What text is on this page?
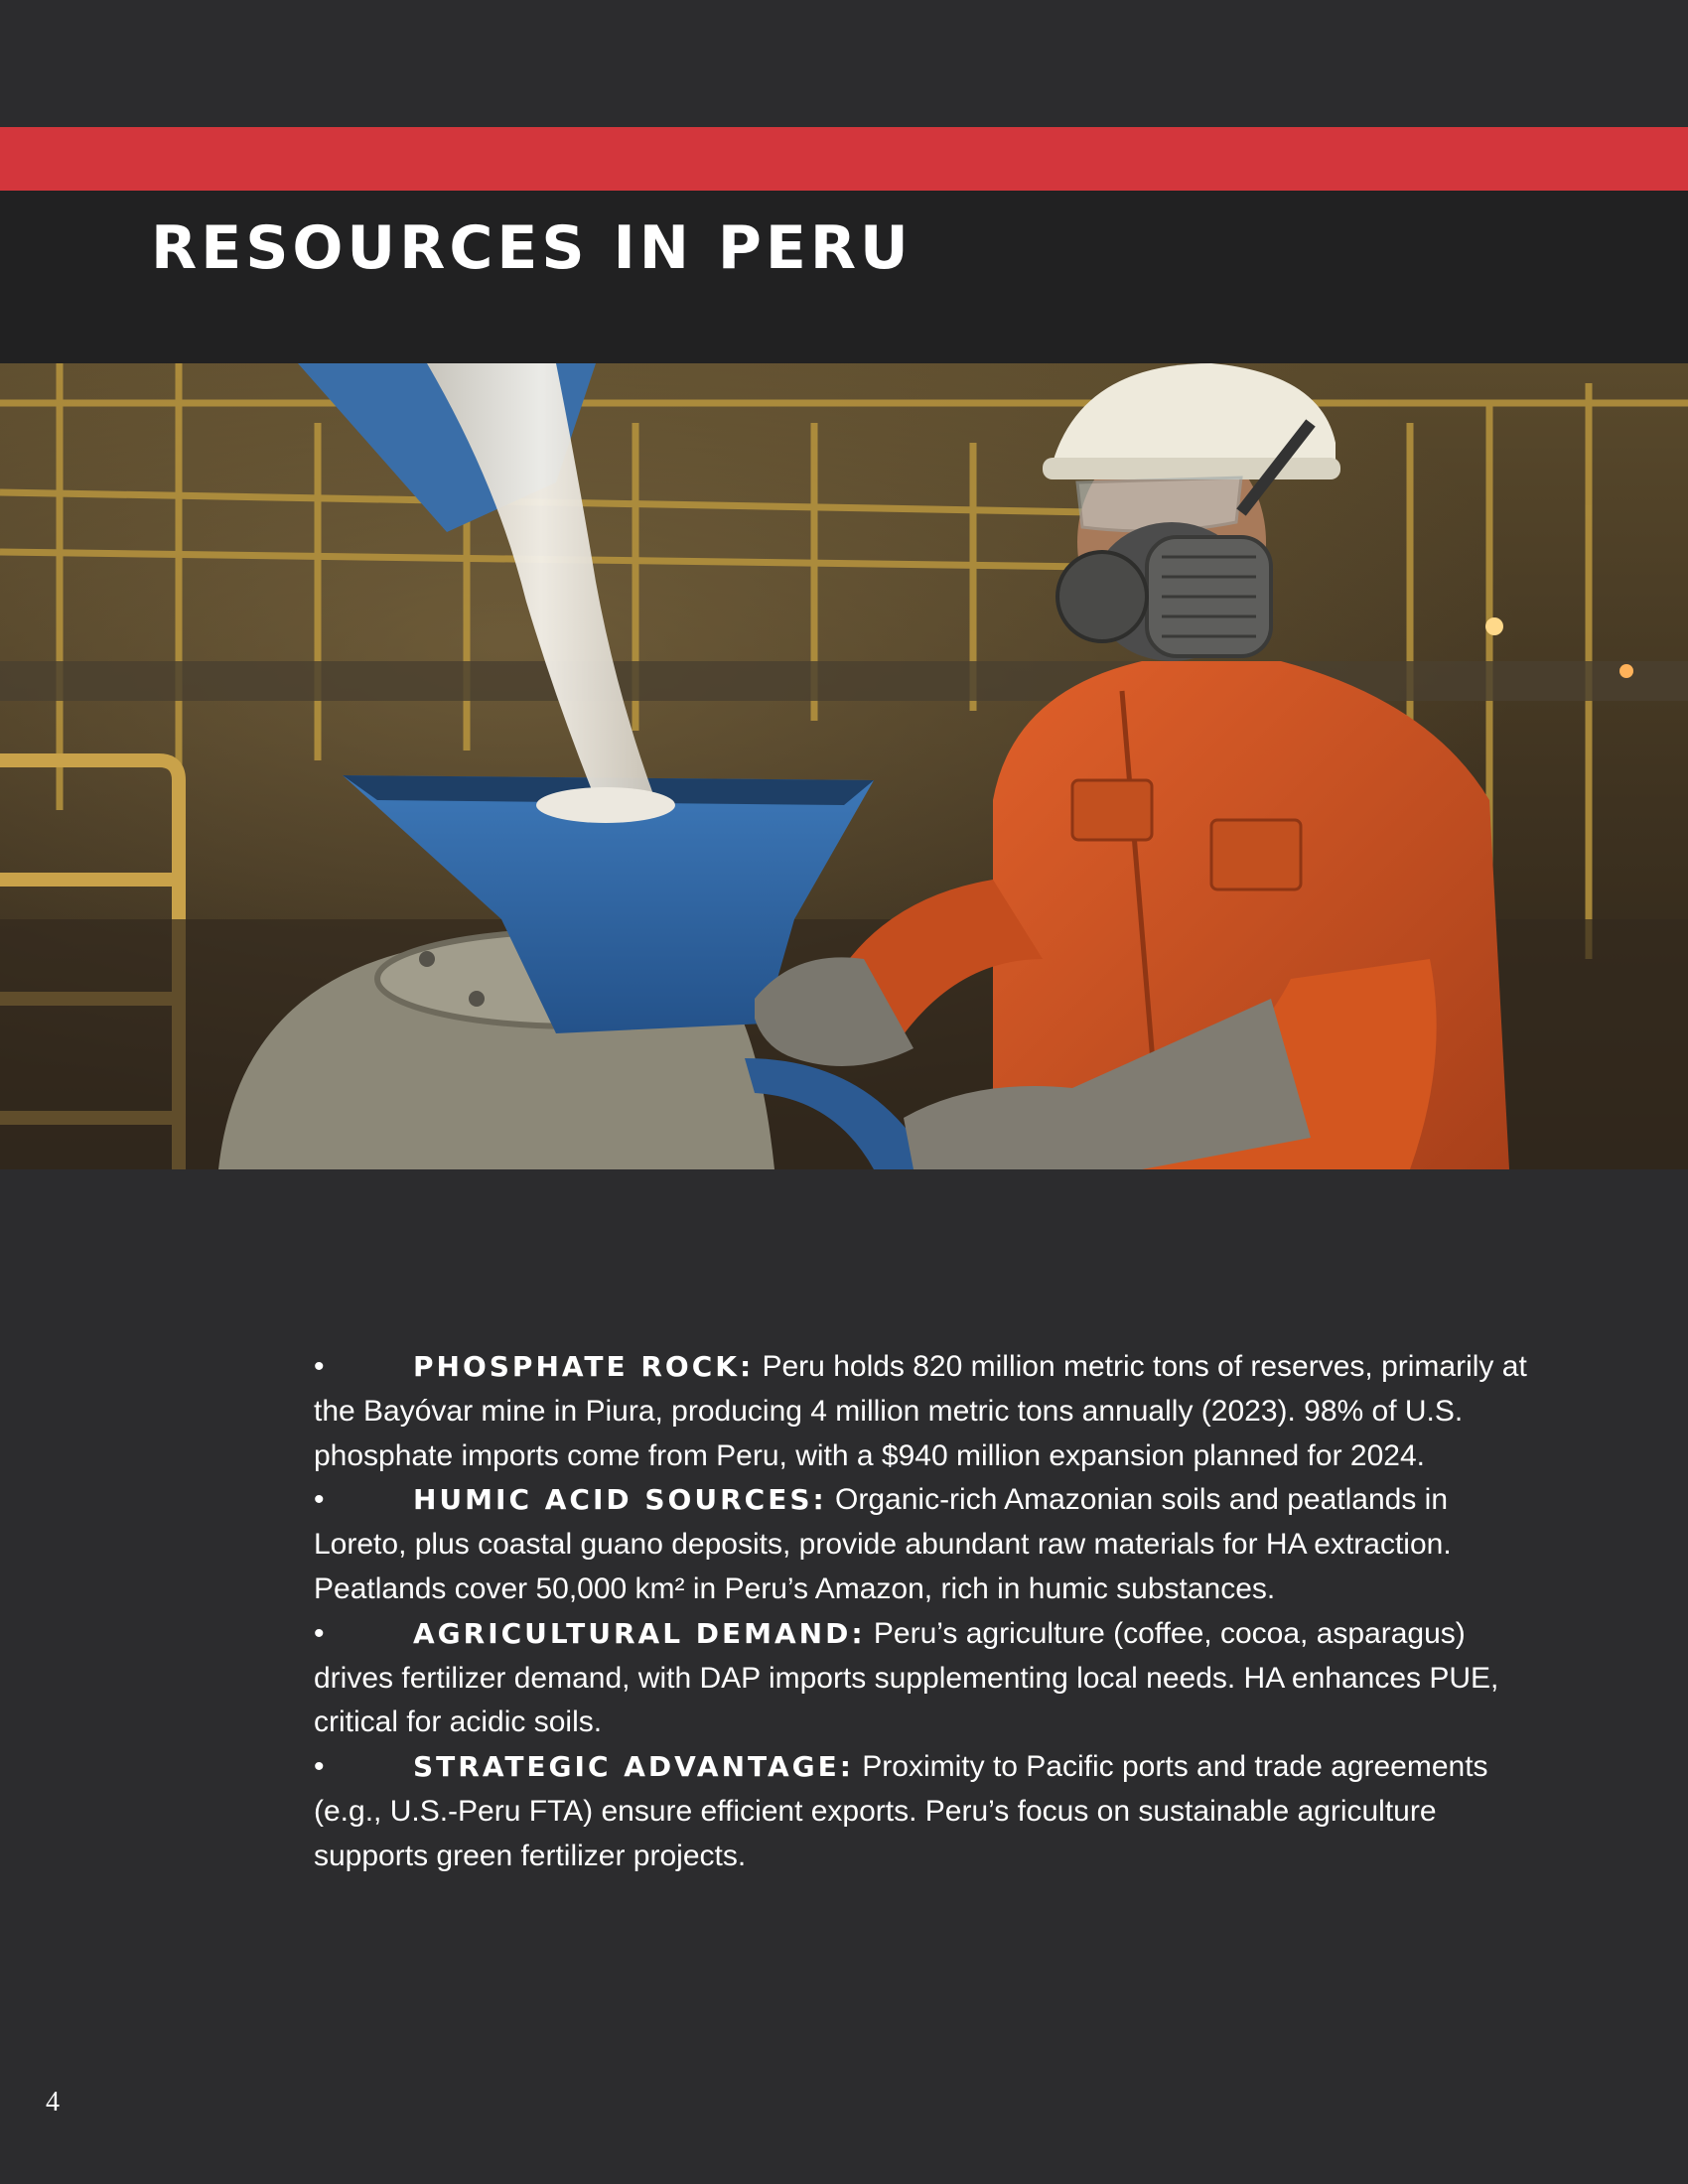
RESOURCES IN PERU

•	PHOSPHATE ROCK: Peru holds 820 million metric tons of reserves, primarily at the Bayóvar mine in Piura, producing 4 million metric tons annually (2023). 98% of U.S. phosphate imports come from Peru, with a $940 million expansion planned for 2024.

•	HUMIC ACID SOURCES: Organic-rich Amazonian soils and peatlands in Loreto, plus coastal guano deposits, provide abundant raw materials for HA extraction. Peatlands cover 50,000 km² in Peru’s Amazon, rich in humic substances.

•	AGRICULTURAL DEMAND: Peru’s agriculture (coffee, cocoa, asparagus) drives fertilizer demand, with DAP imports supplementing local needs. HA enhances PUE, critical for acidic soils.

•	STRATEGIC ADVANTAGE: Proximity to Pacific ports and trade agreements (e.g., U.S.-Peru FTA) ensure efficient exports. Peru’s focus on sustainable agriculture supports green fertilizer projects.

4
